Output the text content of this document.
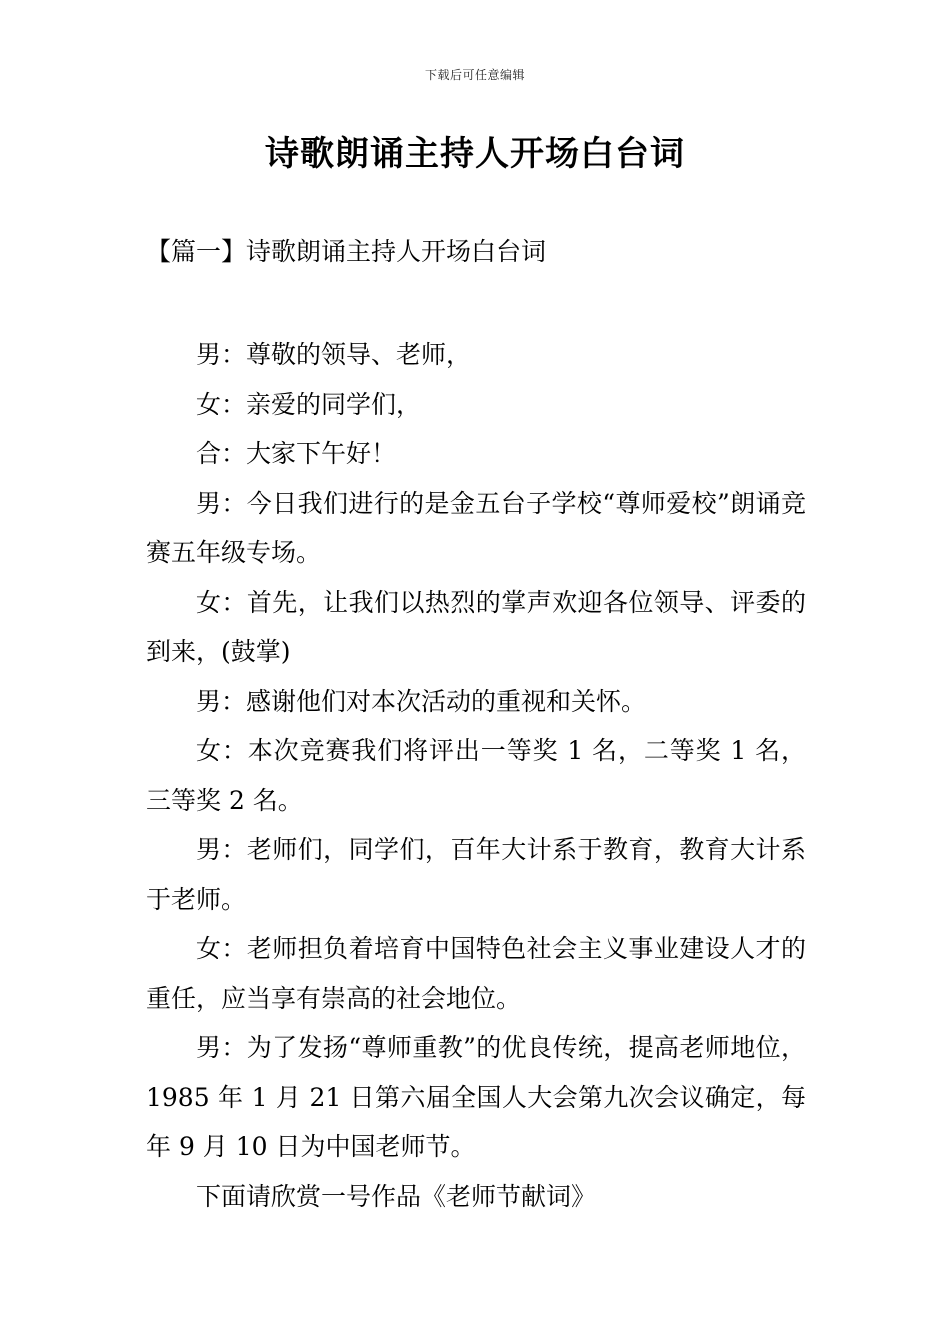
下载后可任意编辑
诗歌朗诵主持人开场白台词
【篇一】诗歌朗诵主持人开场白台词

男：尊敬的领导、老师，

女：亲爱的同学们，

合：大家下午好！

男：今日我们进行的是金五台子学校“尊师爱校”朗诵竞赛五年级专场。

女：首先，让我们以热烈的掌声欢迎各位领导、评委的到来，(鼓掌)

男：感谢他们对本次活动的重视和关怀。

女：本次竞赛我们将评出一等奖 1 名，二等奖 1 名，三等奖 2 名。

男：老师们，同学们，百年大计系于教育，教育大计系于老师。

女：老师担负着培育中国特色社会主义事业建设人才的重任，应当享有崇高的社会地位。

男：为了发扬“尊师重教”的优良传统，提高老师地位，1985 年 1 月 21 日第六届全国人大会第九次会议确定，每年 9 月 10 日为中国老师节。

下面请欣赏一号作品《老师节献词》
